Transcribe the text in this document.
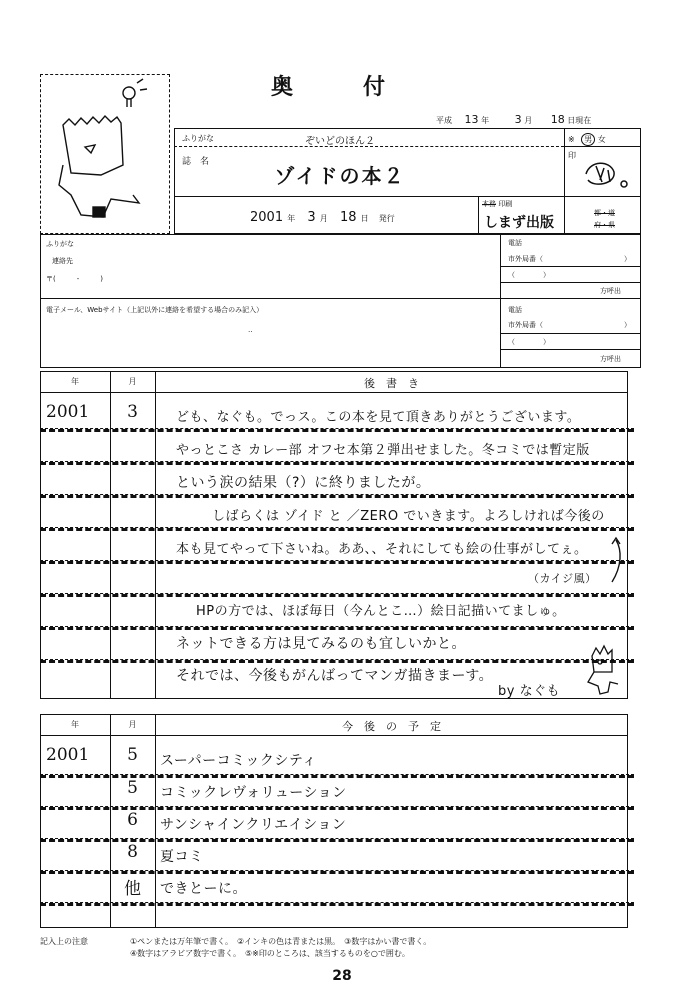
奥　付
平成 13 年 3 月 18 日現在
ふりがな	ぞいどのほん２
誌　名
ゾイドの本２
※ 男 女
印
2001 年 3 月 18 日 発行
本務 印刷
しまず出版
都・道
府・県
ふりがな
連絡先
〒(　　　-　　　)
電子メール、Webサイト（上記以外に連絡を希望する場合のみ記入）
‥
電話
市外局番（	）
（　　　　）
方呼出
電話
市外局番（	）
（　　　　）
方呼出
年	月	後　書　き
2001	3	ども、なぐも。でっス。この本を見て頂きありがとうございます。
やっとこさ カレー部 オフセ本第２弾出せました。冬コミでは暫定版
という涙の結果（?）に終りましたが。
しばらくは ゾイド と ／ZERO でいきます。よろしければ今後の
本も見てやって下さいね。ああ、、それにしても絵の仕事がしてぇ。
（カイジ風）
HPの方では、ほぼ毎日（今んとこ…）絵日記描いてましゅ。
ネットできる方は見てみるのも宜しいかと。
それでは、今後もがんばってマンガ描きまーす。
by なぐも
年	月	今　後　の　予　定
2001	5	スーパーコミックシティ
5	コミックレヴォリューション
6	サンシャインクリエイション
8	夏コミ
他	できとーに。
記入上の注意	①ペンまたは万年筆で書く。　②インキの色は青または黒。　③数字はかい書で書く。
④数字はアラビア数字で書く。　⑤※印のところは、該当するものを○で囲む。
28
